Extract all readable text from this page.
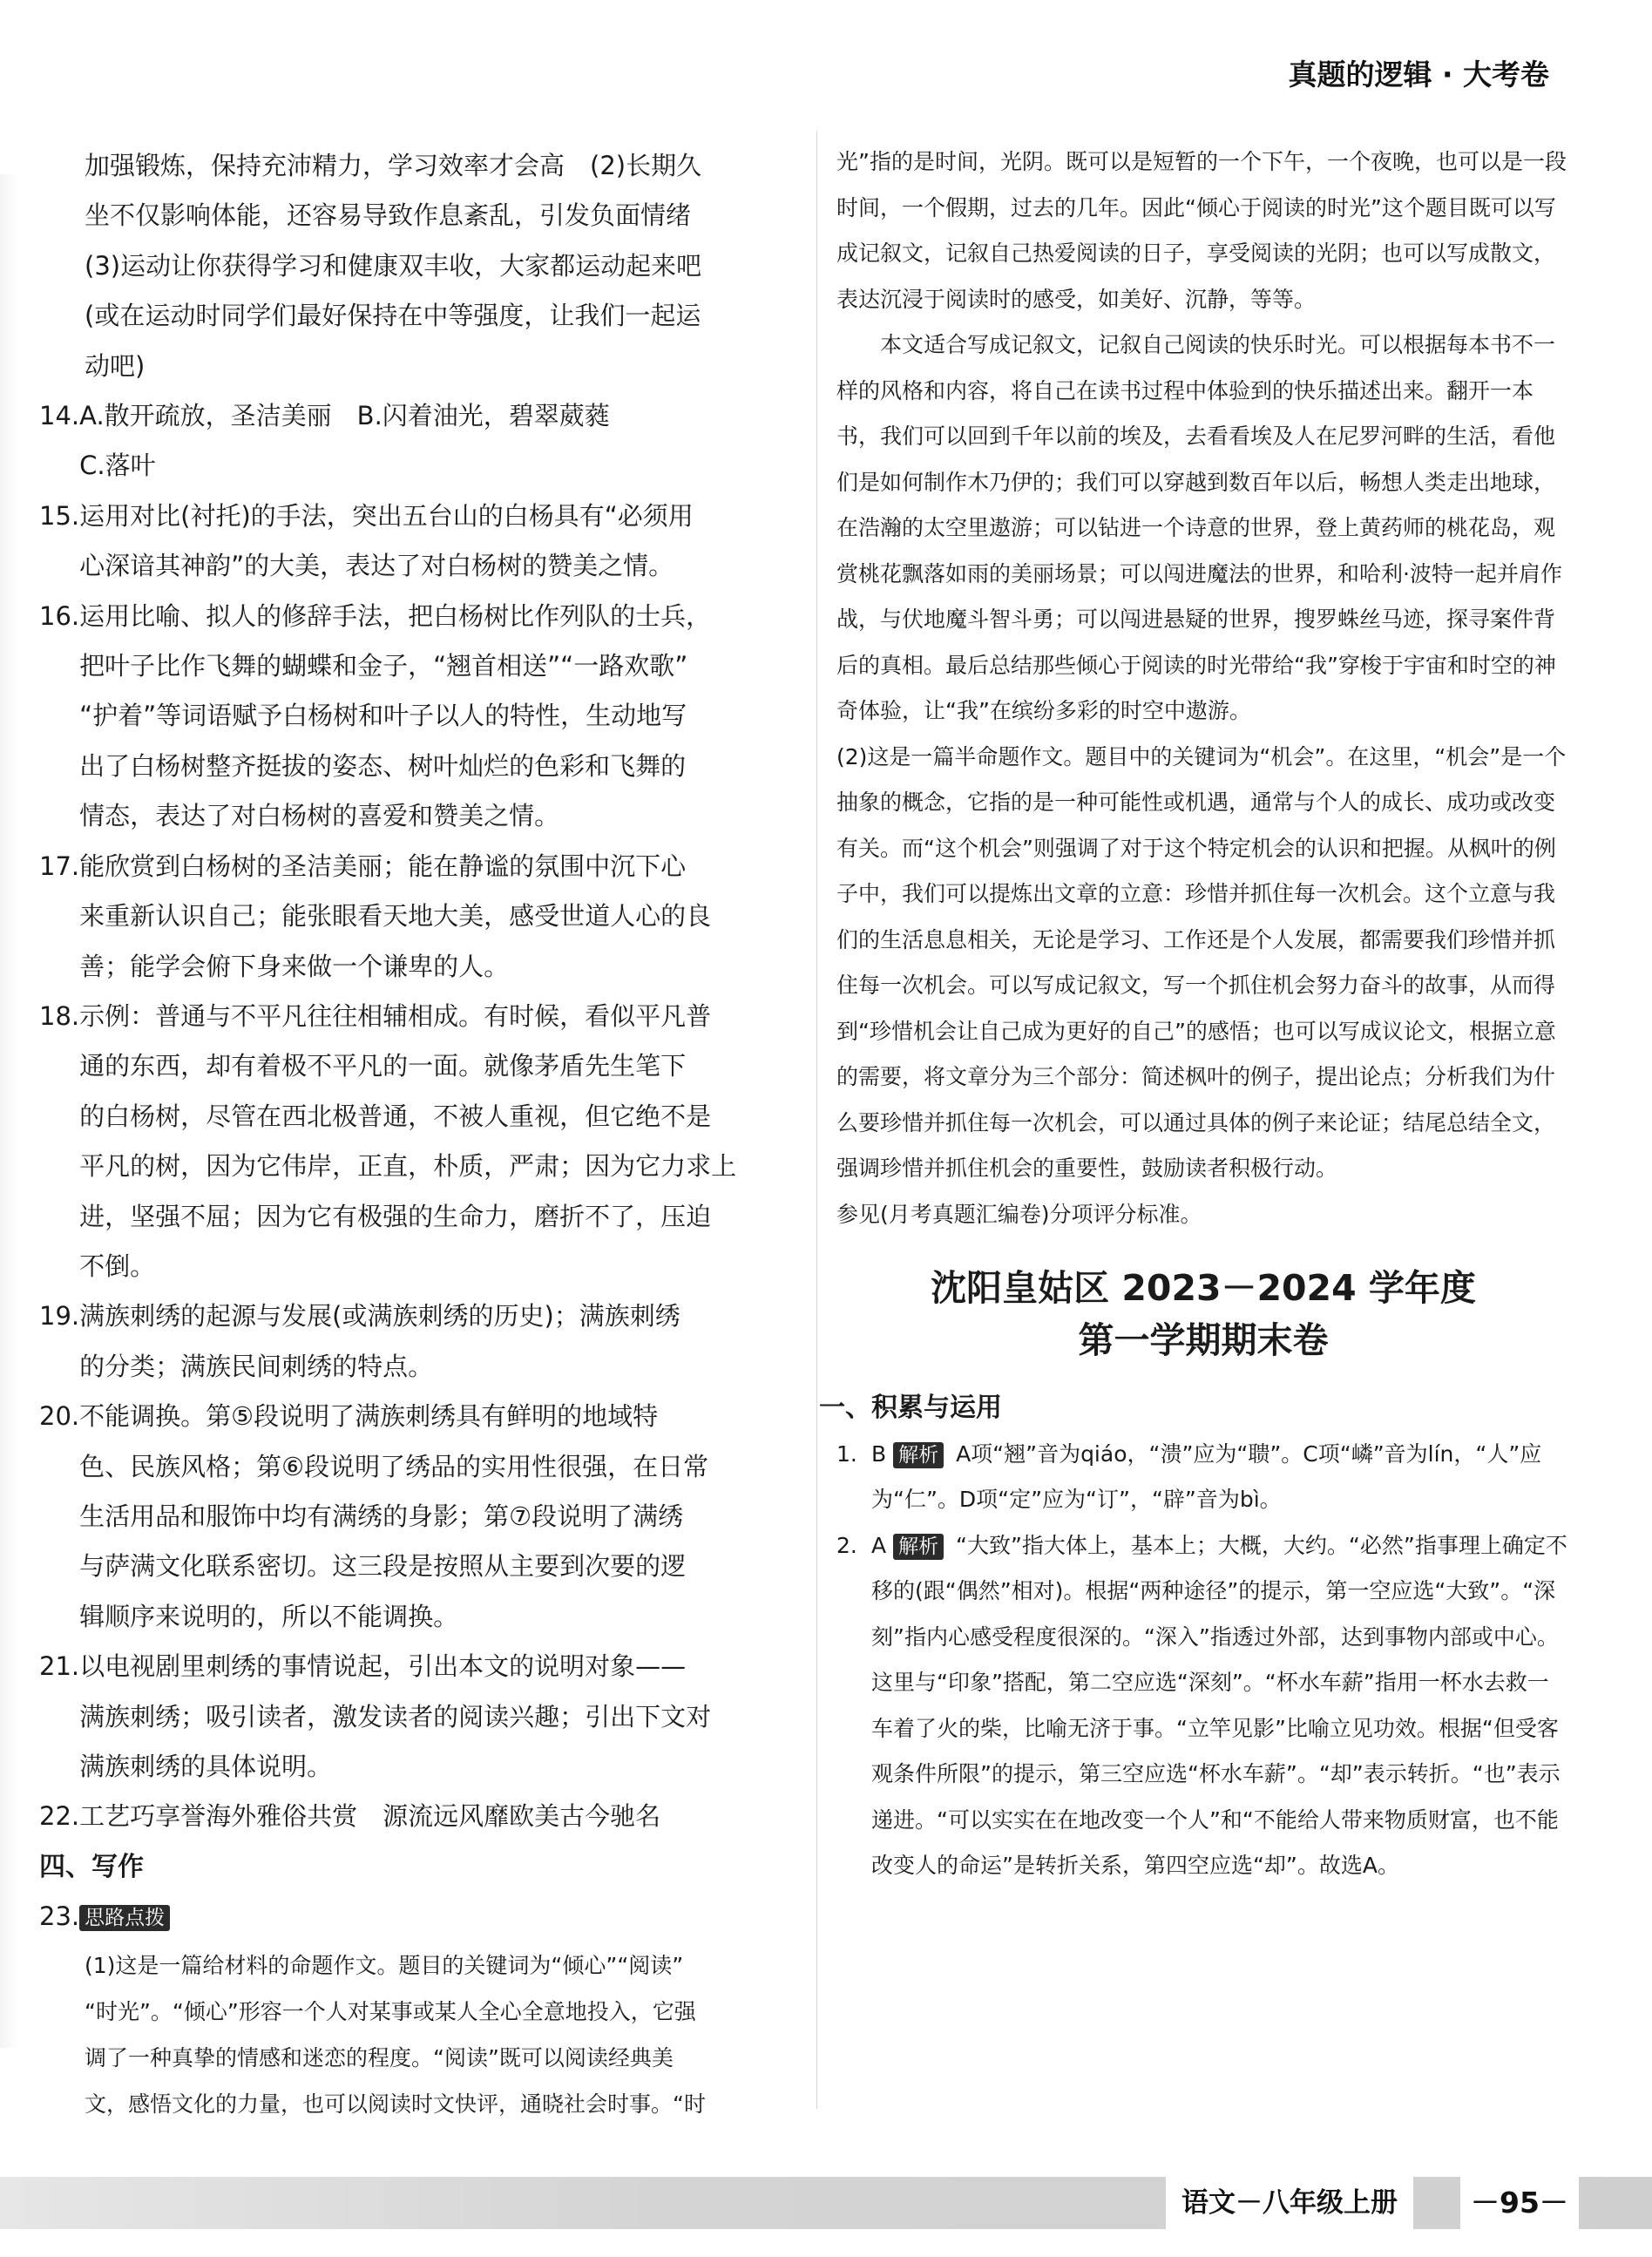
真题的逻辑 · 大考卷
加强锻炼，保持充沛精力，学习效率才会高　(2)长期久
坐不仅影响体能，还容易导致作息紊乱，引发负面情绪
(3)运动让你获得学习和健康双丰收，大家都运动起来吧
(或在运动时同学们最好保持在中等强度，让我们一起运
动吧)
14. A.散开疏放，圣洁美丽　B.闪着油光，碧翠葳蕤
C.落叶
15. 运用对比(衬托)的手法，突出五台山的白杨具有“必须用
心深谙其神韵”的大美，表达了对白杨树的赞美之情。
16. 运用比喻、拟人的修辞手法，把白杨树比作列队的士兵，
把叶子比作飞舞的蝴蝶和金子，“翘首相送”“一路欢歌”
“护着”等词语赋予白杨树和叶子以人的特性，生动地写
出了白杨树整齐挺拔的姿态、树叶灿烂的色彩和飞舞的
情态，表达了对白杨树的喜爱和赞美之情。
17. 能欣赏到白杨树的圣洁美丽；能在静谧的氛围中沉下心
来重新认识自己；能张眼看天地大美，感受世道人心的良
善；能学会俯下身来做一个谦卑的人。
18. 示例：普通与不平凡往往相辅相成。有时候，看似平凡普
通的东西，却有着极不平凡的一面。就像茅盾先生笔下
的白杨树，尽管在西北极普通，不被人重视，但它绝不是
平凡的树，因为它伟岸，正直，朴质，严肃；因为它力求上
进，坚强不屈；因为它有极强的生命力，磨折不了，压迫
不倒。
19. 满族刺绣的起源与发展(或满族刺绣的历史)；满族刺绣
的分类；满族民间刺绣的特点。
20. 不能调换。第⑤段说明了满族刺绣具有鲜明的地域特
色、民族风格；第⑥段说明了绣品的实用性很强，在日常
生活用品和服饰中均有满绣的身影；第⑦段说明了满绣
与萨满文化联系密切。这三段是按照从主要到次要的逻
辑顺序来说明的，所以不能调换。
21. 以电视剧里刺绣的事情说起，引出本文的说明对象——
满族刺绣；吸引读者，激发读者的阅读兴趣；引出下文对
满族刺绣的具体说明。
22. 工艺巧享誉海外雅俗共赏　源流远风靡欧美古今驰名
四、写作
23. 思路点拨
(1)这是一篇给材料的命题作文。题目的关键词为“倾心”“阅读”
“时光”。“倾心”形容一个人对某事或某人全心全意地投入，它强
调了一种真挚的情感和迷恋的程度。“阅读”既可以阅读经典美
文，感悟文化的力量，也可以阅读时文快评，通晓社会时事。“时

光”指的是时间，光阴。既可以是短暂的一个下午，一个夜晚，也可以是一段时间，一个假期，过去的几年。因此“倾心于阅读的时光”这个题目既可以写成记叙文，记叙自己热爱阅读的日子，享受阅读的光阴；也可以写成散文，表达沉浸于阅读时的感受，如美好、沉静，等等。

本文适合写成记叙文，记叙自己阅读的快乐时光。可以根据每本书不一样的风格和内容，将自己在读书过程中体验到的快乐描述出来。翻开一本书，我们可以回到千年以前的埃及，去看看埃及人在尼罗河畔的生活，看他们是如何制作木乃伊的；我们可以穿越到数百年以后，畅想人类走出地球，在浩瀚的太空里遨游；可以钻进一个诗意的世界，登上黄药师的桃花岛，观赏桃花飘落如雨的美丽场景；可以闯进魔法的世界，和哈利·波特一起并肩作战，与伏地魔斗智斗勇；可以闯进悬疑的世界，搜罗蛛丝马迹，探寻案件背后的真相。最后总结那些倾心于阅读的时光带给“我”穿梭于宇宙和时空的神奇体验，让“我”在缤纷多彩的时空中遨游。

(2)这是一篇半命题作文。题目中的关键词为“机会”。在这里，“机会”是一个抽象的概念，它指的是一种可能性或机遇，通常与个人的成长、成功或改变有关。而“这个机会”则强调了对于这个特定机会的认识和把握。从枫叶的例子中，我们可以提炼出文章的立意：珍惜并抓住每一次机会。这个立意与我们的生活息息相关，无论是学习、工作还是个人发展，都需要我们珍惜并抓住每一次机会。可以写成记叙文，写一个抓住机会努力奋斗的故事，从而得到“珍惜机会让自己成为更好的自己”的感悟；也可以写成议论文，根据立意的需要，将文章分为三个部分：简述枫叶的例子，提出论点；分析我们为什么要珍惜并抓住每一次机会，可以通过具体的例子来论证；结尾总结全文，强调珍惜并抓住机会的重要性，鼓励读者积极行动。

参见(月考真题汇编卷)分项评分标准。

沈阳皇姑区 2023－2024 学年度
第一学期期末卷
一、积累与运用
1. B 解析 A项“翘”音为qiáo，“溃”应为“聩”。C项“嶙”音为lín，“人”应为“仁”。D项“定”应为“订”，“辟”音为bì。
2. A 解析 “大致”指大体上，基本上；大概，大约。“必然”指事理上确定不移的(跟“偶然”相对)。根据“两种途径”的提示，第一空应选“大致”。“深刻”指内心感受程度很深的。“深入”指透过外部，达到事物内部或中心。这里与“印象”搭配，第二空应选“深刻”。“杯水车薪”指用一杯水去救一车着了火的柴，比喻无济于事。“立竿见影”比喻立见功效。根据“但受客观条件所限”的提示，第三空应选“杯水车薪”。“却”表示转折。“也”表示递进。“可以实实在在地改变一个人”和“不能给人带来物质财富，也不能改变人的命运”是转折关系，第四空应选“却”。故选A。
语文－八年级上册	－95－
